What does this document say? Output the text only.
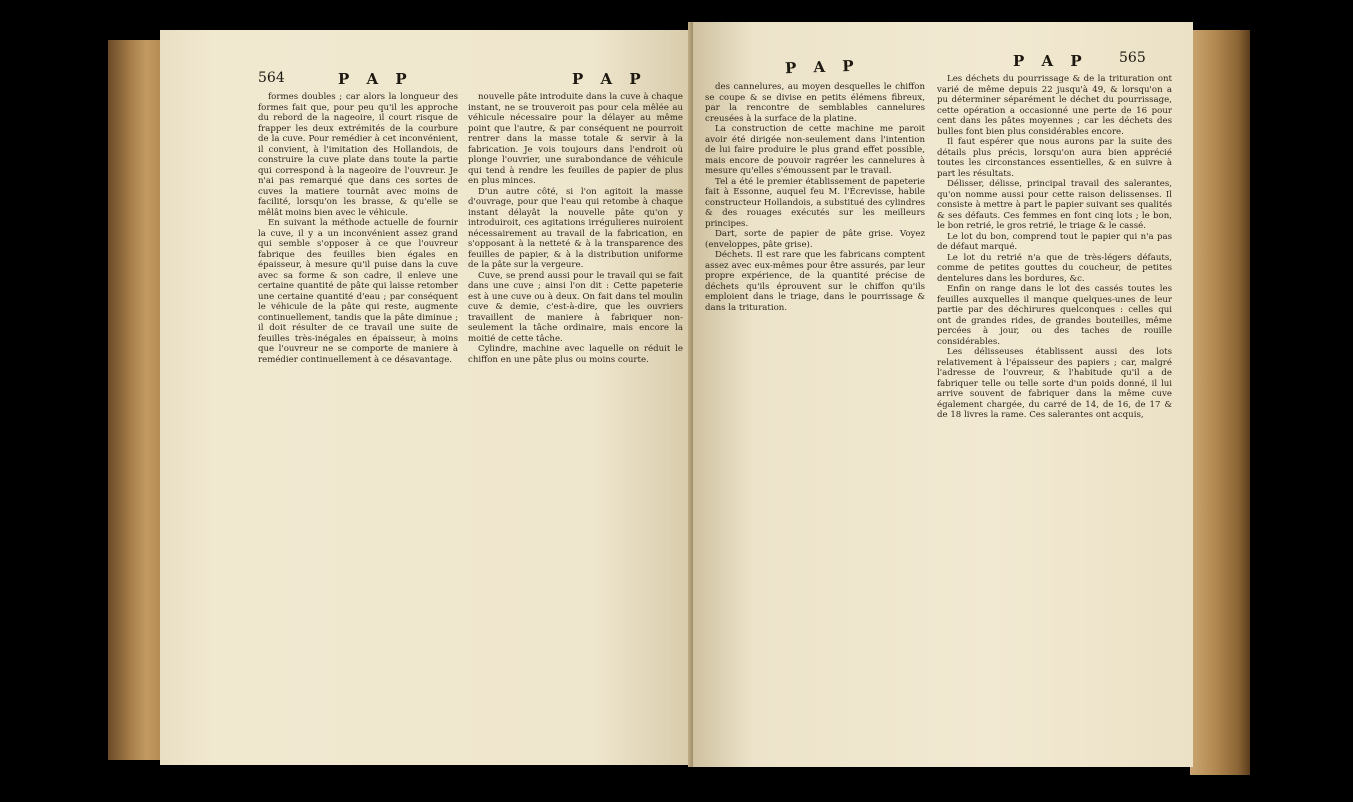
564	P A P	P A P

formes doubles ; car alors la longueur des formes fait que, pour peu qu'il les approche du rebord de la nageoire, il court risque de frapper les deux extrémités de la courbure de la cuve. Pour remédier à cet inconvénient, il convient, à l'imitation des Hollandois, de construire la cuve plate dans toute la partie qui correspond à la nageoire de l'ouvreur. Je n'ai pas remarqué que dans ces sortes de cuves la matiere tournât avec moins de facilité, lorsqu'on les brasse, & qu'elle se mêlât moins bien avec le véhicule.

En suivant la méthode actuelle de fournir la cuve, il y a un inconvénient assez grand qui semble s'opposer à ce que l'ouvreur fabrique des feuilles bien égales en épaisseur, à mesure qu'il puise dans la cuve avec sa forme & son cadre, il enleve une certaine quantité de pâte qui laisse retomber une certaine quantité d'eau ; par conséquent le véhicule de la pâte qui reste, augmente continuellement, tandis que la pâte diminue ; il doit résulter de ce travail une suite de feuilles très-inégales en épaisseur, à moins que l'ouvreur ne se comporte de maniere à remédier continuellement à ce désavantage.

nouvelle pâte introduite dans la cuve à chaque instant, ne se trouveroit pas pour cela mêlée au véhicule nécessaire pour la délayer au même point que l'autre, & par conséquent ne pourroit rentrer dans la masse totale & servir à la fabrication. Je vois toujours dans l'endroit où plonge l'ouvrier, une surabondance de véhicule qui tend à rendre les feuilles de papier de plus en plus minces.

D'un autre côté, si l'on agitoit la masse d'ouvrage, pour que l'eau qui retombe à chaque instant délayât la nouvelle pâte qu'on y introduiroit, ces agitations irrégulieres nuiroient nécessairement au travail de la fabrication, en s'opposant à la netteté & à la transparence des feuilles de papier, & à la distribution uniforme de la pâte sur la vergeure.

Cuve, se prend aussi pour le travail qui se fait dans une cuve ; ainsi l'on dit : Cette papeterie est à une cuve ou à deux. On fait dans tel moulin cuve & demie, c'est-à-dire, que les ouvriers travaillent de maniere à fabriquer non-seulement la tâche ordinaire, mais encore la moitié de cette tâche.

Cylindre, machine avec laquelle on réduit le chiffon en une pâte plus ou moins courte.

P A P	P A P 565

des cannelures, au moyen desquelles le chiffon se coupe & se divise en petits élémens fibreux, par la rencontre de semblables cannelures creusées à la surface de la platine.

La construction de cette machine me paroit avoir été dirigée non-seulement dans l'intention de lui faire produire le plus grand effet possible, mais encore de pouvoir ragréer les cannelures à mesure qu'elles s'émoussent par le travail.

Tel a été le premier établissement de papeterie fait à Essonne, auquel feu M. l'Écrevisse, habile constructeur Hollandois, a substitué des cylindres & des rouages exécutés sur les meilleurs principes.

Dart, sorte de papier de pâte grise. Voyez (enveloppes, pâte grise).

Déchets. Il est rare que les fabricans comptent assez avec eux-mêmes pour être assurés, par leur propre expérience, de la quantité précise de déchets qu'ils éprouvent sur le chiffon qu'ils emploient dans le triage, dans le pourrissage & dans la trituration.

Les déchets du pourrissage & de la trituration ont varié de même depuis 22 jusqu'à 49, & lorsqu'on a pu déterminer séparément le déchet du pourrissage, cette opération a occasionné une perte de 16 pour cent dans les pâtes moyennes ; car les déchets des bulles font bien plus considérables encore.

Il faut espérer que nous aurons par la suite des détails plus précis, lorsqu'on aura bien apprécié toutes les circonstances essentielles, & en suivre à part les résultats.

Délisser, délisse, principal travail des salerantes, qu'on nomme aussi pour cette raison delissenses. Il consiste à mettre à part le papier suivant ses qualités & ses défauts. Ces femmes en font cinq lots ; le bon, le bon retrié, le gros retrié, le triage & le cassé.

Le lot du bon, comprend tout le papier qui n'a pas de défaut marqué.

Le lot du retrié n'a que de très-légers défauts, comme de petites gouttes du coucheur, de petites dentelures dans les bordures, &c.

Enfin on range dans le lot des cassés toutes les feuilles auxquelles il manque quelques-unes de leur partie par des déchirures quelconques : celles qui ont de grandes rides, de grandes bouteilles, même percées à jour, ou des taches de rouille considérables.

Les délisseuses établissent aussi des lots relativement à l'épaisseur des papiers ; car, malgré l'adresse de l'ouvreur, & l'habitude qu'il a de fabriquer telle ou telle sorte d'un poids donné, il lui arrive souvent de fabriquer dans la même cuve également chargée, du carré de 14, de 16, de 17 & de 18 livres la rame. Ces salerantes ont acquis,
